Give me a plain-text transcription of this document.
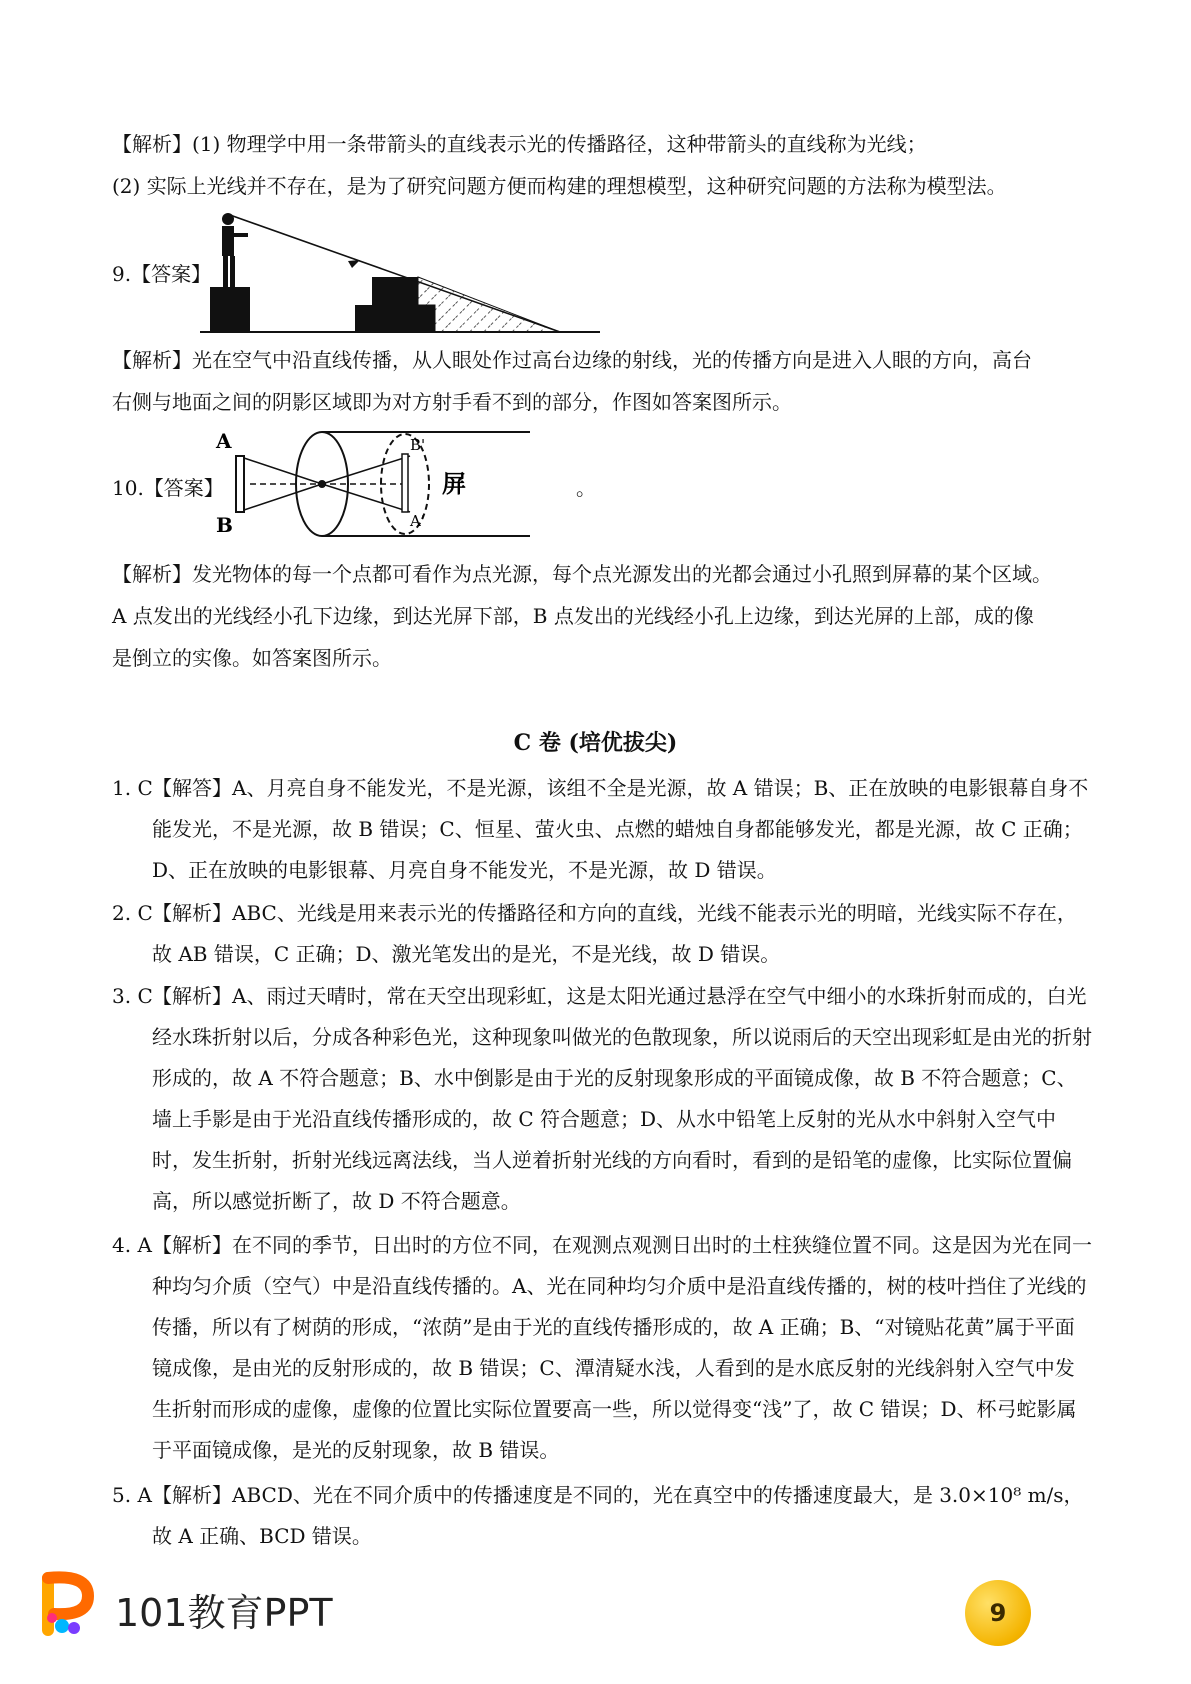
【解析】(1) 物理学中用一条带箭头的直线表示光的传播路径，这种带箭头的直线称为光线；
(2) 实际上光线并不存在，是为了研究问题方便而构建的理想模型，这种研究问题的方法称为模型法。
9.【答案】
【解析】光在空气中沿直线传播，从人眼处作过高台边缘的射线，光的传播方向是进入人眼的方向，高台
右侧与地面之间的阴影区域即为对方射手看不到的部分，作图如答案图所示。
10.【答案】
A
B
B'
A'
屏	。
【解析】发光物体的每一个点都可看作为点光源，每个点光源发出的光都会通过小孔照到屏幕的某个区域。
A 点发出的光线经小孔下边缘，到达光屏下部，B 点发出的光线经小孔上边缘，到达光屏的上部，成的像
是倒立的实像。如答案图所示。
C 卷 (培优拔尖)
1. C 【解答】A、月亮自身不能发光，不是光源，该组不全是光源，故 A 错误；B、正在放映的电影银幕自身不能发光，不是光源，故 B 错误；C、恒星、萤火虫、点燃的蜡烛自身都能够发光，都是光源，故 C 正确；D、正在放映的电影银幕、月亮自身不能发光，不是光源，故 D 错误。
2. C 【解析】ABC、光线是用来表示光的传播路径和方向的直线，光线不能表示光的明暗，光线实际不存在，故 AB 错误，C 正确；D、激光笔发出的是光，不是光线，故 D 错误。
3. C 【解析】A、雨过天晴时，常在天空出现彩虹，这是太阳光通过悬浮在空气中细小的水珠折射而成的，白光经水珠折射以后，分成各种彩色光，这种现象叫做光的色散现象，所以说雨后的天空出现彩虹是由光的折射形成的，故 A 不符合题意；B、水中倒影是由于光的反射现象形成的平面镜成像，故 B 不符合题意；C、墙上手影是由于光沿直线传播形成的，故 C 符合题意；D、从水中铅笔上反射的光从水中斜射入空气中时，发生折射，折射光线远离法线，当人逆着折射光线的方向看时，看到的是铅笔的虚像，比实际位置偏高，所以感觉折断了，故 D 不符合题意。
4. A 【解析】在不同的季节，日出时的方位不同，在观测点观测日出时的土柱狭缝位置不同。这是因为光在同一种均匀介质（空气）中是沿直线传播的。A、光在同种均匀介质中是沿直线传播的，树的枝叶挡住了光线的传播，所以有了树荫的形成，“浓荫”是由于光的直线传播形成的，故 A 正确；B、“对镜贴花黄”属于平面镜成像，是由光的反射形成的，故 B 错误；C、潭清疑水浅，人看到的是水底反射的光线斜射入空气中发生折射而形成的虚像，虚像的位置比实际位置要高一些，所以觉得变“浅”了，故 C 错误；D、杯弓蛇影属于平面镜成像，是光的反射现象，故 B 错误。
5. A 【解析】ABCD、光在不同介质中的传播速度是不同的，光在真空中的传播速度最大，是 3.0×10⁸ m/s，故 A 正确、BCD 错误。
101教育PPT	9
